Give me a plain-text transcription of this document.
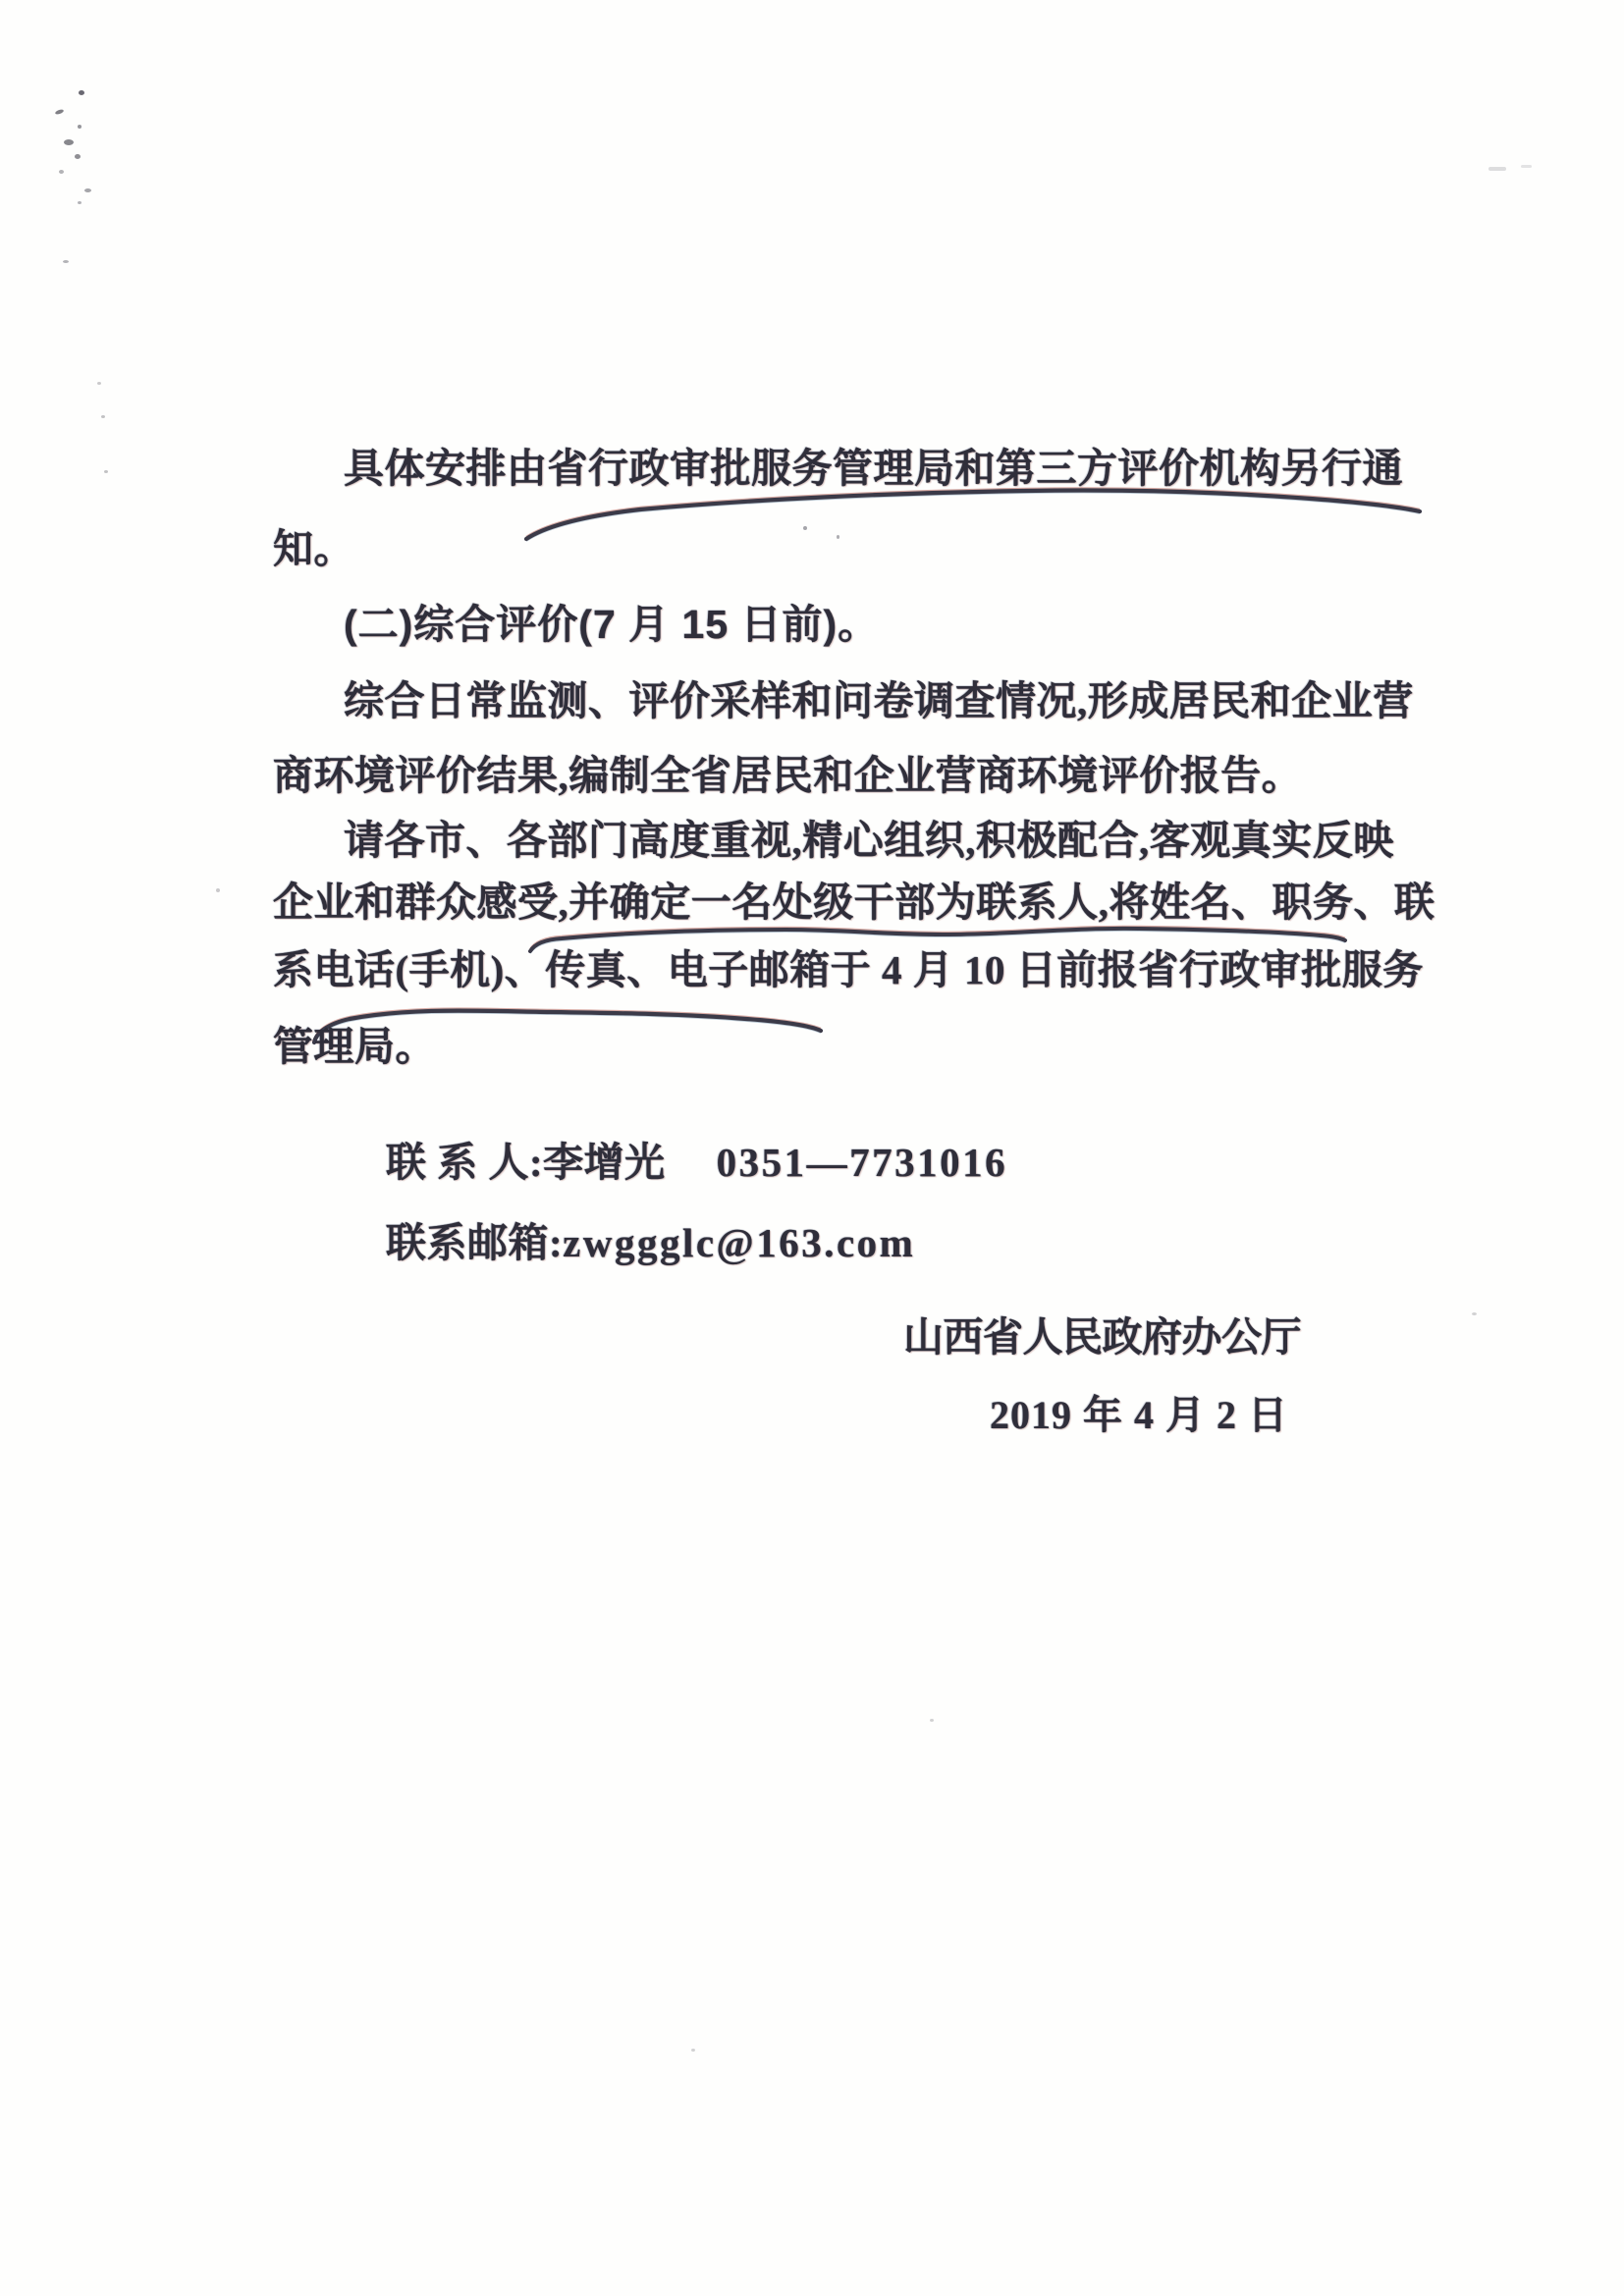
具体安排由省行政审批服务管理局和第三方评价机构另行通
知。
(二)综合评价(7 月 15 日前)。
综合日常监测、评价采样和问卷调查情况,形成居民和企业营
商环境评价结果,编制全省居民和企业营商环境评价报告。
请各市、各部门高度重视,精心组织,积极配合,客观真实反映
企业和群众感受,并确定一名处级干部为联系人,将姓名、职务、联
系电话(手机)、传真、电子邮箱于 4 月 10 日前报省行政审批服务
管理局。

联 系 人:李增光 0351—7731016

联系邮箱:zwggglc@163.com

山西省人民政府办公厅
2019 年 4 月 2 日
